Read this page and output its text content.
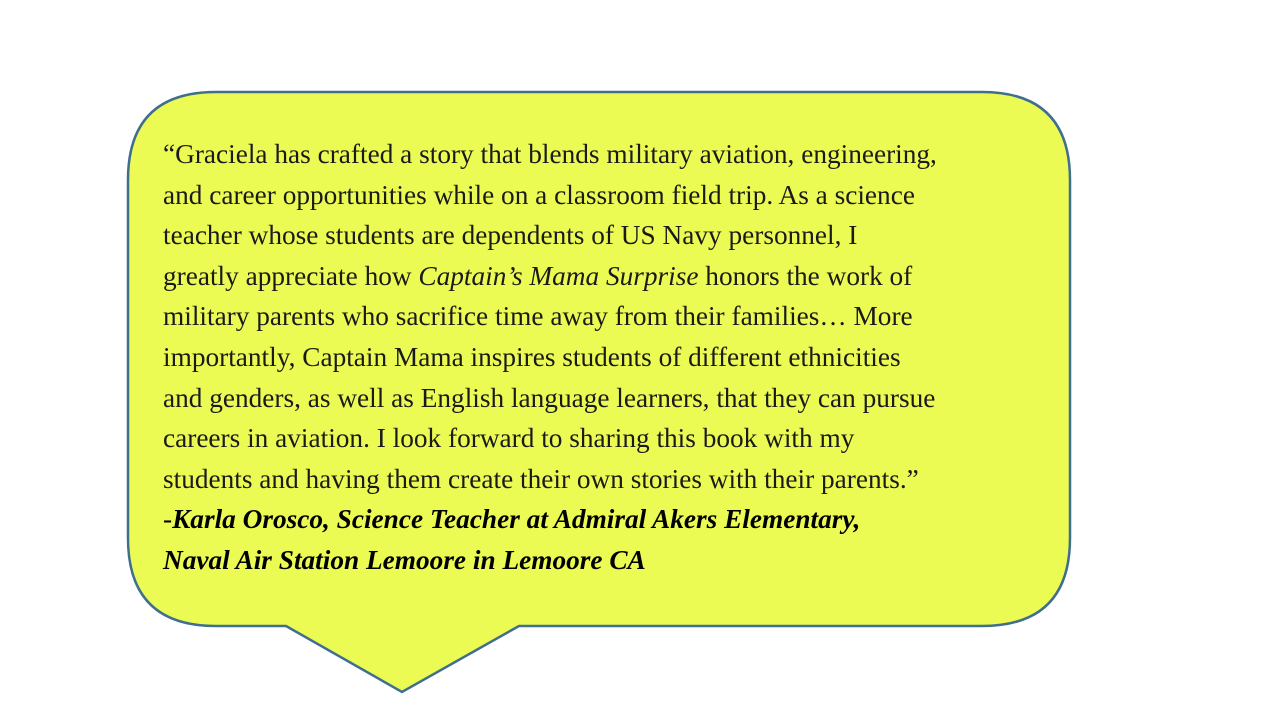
“Graciela has crafted a story that blends military aviation, engineering,
and career opportunities while on a classroom field trip. As a science
teacher whose students are dependents of US Navy personnel, I
greatly appreciate how Captain’s Mama Surprise honors the work of
military parents who sacrifice time away from their families… More
importantly, Captain Mama inspires students of different ethnicities
and genders, as well as English language learners, that they can pursue
careers in aviation. I look forward to sharing this book with my
students and having them create their own stories with their parents.”
-Karla Orosco, Science Teacher at Admiral Akers Elementary,
Naval Air Station Lemoore in Lemoore CA
